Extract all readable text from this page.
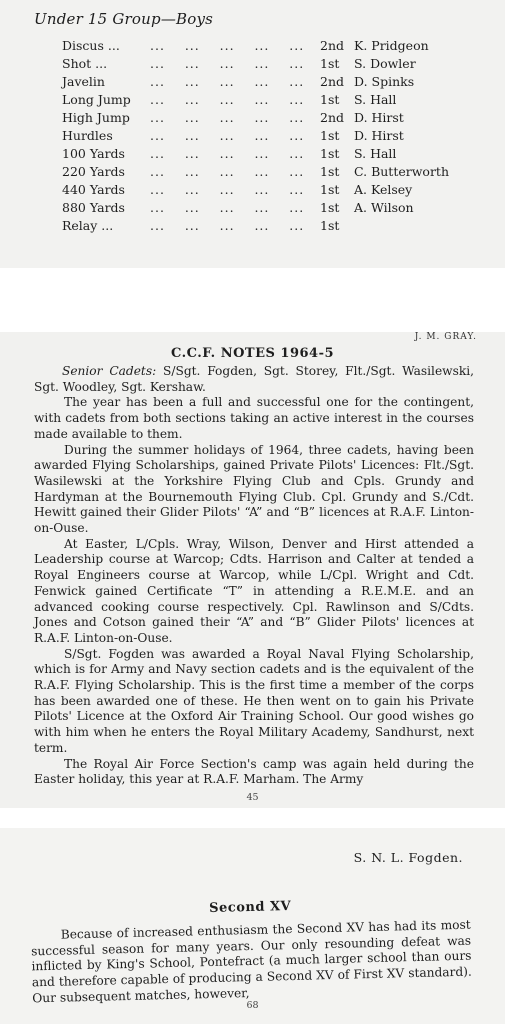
Under 15 Group—Boys
Discus ... ...    ...    ...    ...    ... 2nd K. Pridgeon
Shot ...	...    ...    ...    ...    ... 1st S. Dowler
Javelin	...    ...    ...    ...    ... 2nd D. Spinks
Long Jump ...    ...    ...    ...    ... 1st S. Hall
High Jump ...    ...    ...    ...    ... 2nd D. Hirst
Hurdles	...    ...    ...    ...    ... 1st D. Hirst
100 Yards ...    ...    ...    ...    ... 1st S. Hall
220 Yards ...    ...    ...    ...    ... 1st C. Butterworth
440 Yards ...    ...    ...    ...    ... 1st A. Kelsey
880 Yards ...    ...    ...    ...    ... 1st A. Wilson
Relay ...	...    ...    ...    ...    ... 1st
J. M. GRAY.
C.C.F. NOTES 1964-5

Senior Cadets: S/Sgt. Fogden, Sgt. Storey, Flt./Sgt. Wasilewski, Sgt. Woodley, Sgt. Kershaw.

The year has been a full and successful one for the contingent, with cadets from both sections taking an active interest in the courses made available to them.

During the summer holidays of 1964, three cadets, having been awarded Flying Scholarships, gained Private Pilots' Licences: Flt./Sgt. Wasilewski at the Yorkshire Flying Club and Cpls. Grundy and Hardyman at the Bournemouth Flying Club. Cpl. Grundy and S./Cdt. Hewitt gained their Glider Pilots' “A” and “B” licences at R.A.F. Linton-on-Ouse.

At Easter, L/Cpls. Wray, Wilson, Denver and Hirst attended a Leadership course at Warcop; Cdts. Harrison and Calter at tended a Royal Engineers course at Warcop, while L/Cpl. Wright and Cdt. Fenwick gained Certificate “T” in attending a R.E.M.E. and an advanced cooking course respectively. Cpl. Rawlinson and S/Cdts. Jones and Cotson gained their “A” and “B” Glider Pilots' licences at R.A.F. Linton-on-Ouse.

S/Sgt. Fogden was awarded a Royal Naval Flying Scholarship, which is for Army and Navy section cadets and is the equivalent of the R.A.F. Flying Scholarship. This is the first time a member of the corps has been awarded one of these. He then went on to gain his Private Pilots' Licence at the Oxford Air Training School. Our good wishes go with him when he enters the Royal Military Academy, Sandhurst, next term.

The Royal Air Force Section's camp was again held during the Easter holiday, this year at R.A.F. Marham. The Army

45
S. N. L. Fogden.
Second XV

Because of increased enthusiasm the Second XV has had its most successful season for many years. Our only resounding defeat was inflicted by King's School, Pontefract (a much larger school than ours and therefore capable of producing a Second XV of First XV standard). Our subsequent matches, however,

68
